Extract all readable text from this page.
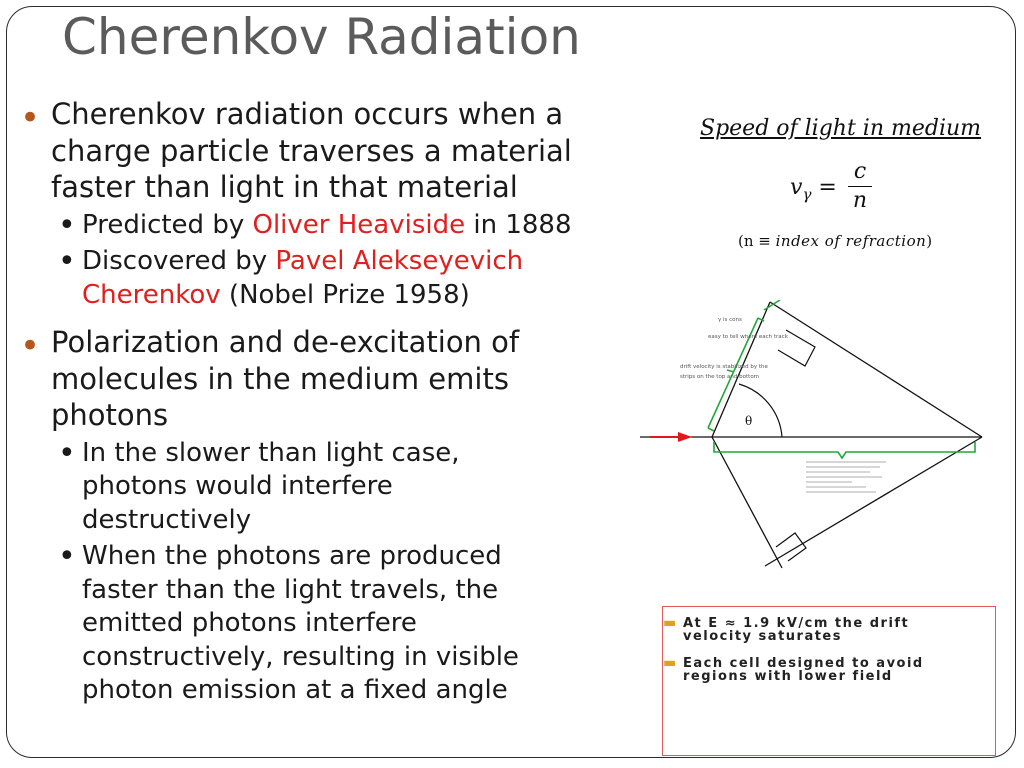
Cherenkov Radiation
• Cherenkov radiation occurs when a charge particle traverses a material faster than light in that material
• Predicted by Oliver Heaviside in 1888
• Discovered by Pavel Alekseyevich Cherenkov (Nobel Prize 1958)
• Polarization and de-excitation of molecules in the medium emits photons
• In the slower than light case, photons would interfere destructively
• When the photons are produced faster than the light travels, the emitted photons interfere constructively, resulting in visible photon emission at a fixed angle
Speed of light in medium
$v_\gamma$ =
c
n
(n ≡ index of refraction)
θ
γ is cons
easy to tell where each track
drift velocity is stabilized by the
strips on the top and bottom
▬ At E ≈ 1.9 kV/cm the drift velocity saturates
▬ Each cell designed to avoid regions with lower field
